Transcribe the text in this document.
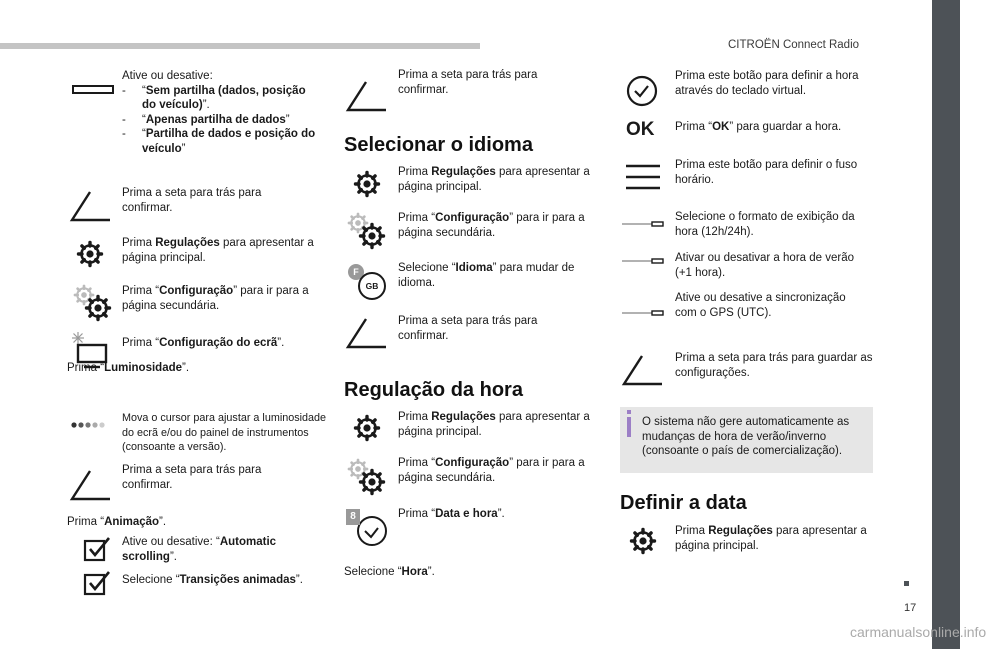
CITROËN Connect Radio
17
carmanualsonline.info
Ative ou desative:
- “Sem partilha (dados, posição do veículo)”.
- “Apenas partilha de dados”
- “Partilha de dados e posição do veículo”
Prima a seta para trás para confirmar.
Prima Regulações para apresentar a página principal.
Prima “Configuração” para ir para a página secundária.
Prima “Configuração do ecrã”.
Prima “Luminosidade”.
Mova o cursor para ajustar a luminosidade do ecrã e/ou do painel de instrumentos (consoante a versão).
Prima a seta para trás para confirmar.
Prima “Animação”.
Ative ou desative: “Automatic scrolling”.
Selecione “Transições animadas”.
Prima a seta para trás para confirmar.
Selecionar o idioma
Prima Regulações para apresentar a página principal.
Prima “Configuração” para ir para a página secundária.
F
GB
Selecione “Idioma” para mudar de idioma.
Prima a seta para trás para confirmar.
Regulação da hora
Prima Regulações para apresentar a página principal.
Prima “Configuração” para ir para a página secundária.
8	Prima “Data e hora”.
Selecione “Hora”.
Prima este botão para definir a hora através do teclado virtual.
OK Prima “OK” para guardar a hora.
Prima este botão para definir o fuso horário.
Selecione o formato de exibição da hora (12h/24h).
Ativar ou desativar a hora de verão (+1 hora).
Ative ou desative a sincronização com o GPS (UTC).
Prima a seta para trás para guardar as configurações.
O sistema não gere automaticamente as mudanças de hora de verão/inverno (consoante o país de comercialização).
Definir a data
Prima Regulações para apresentar a página principal.
